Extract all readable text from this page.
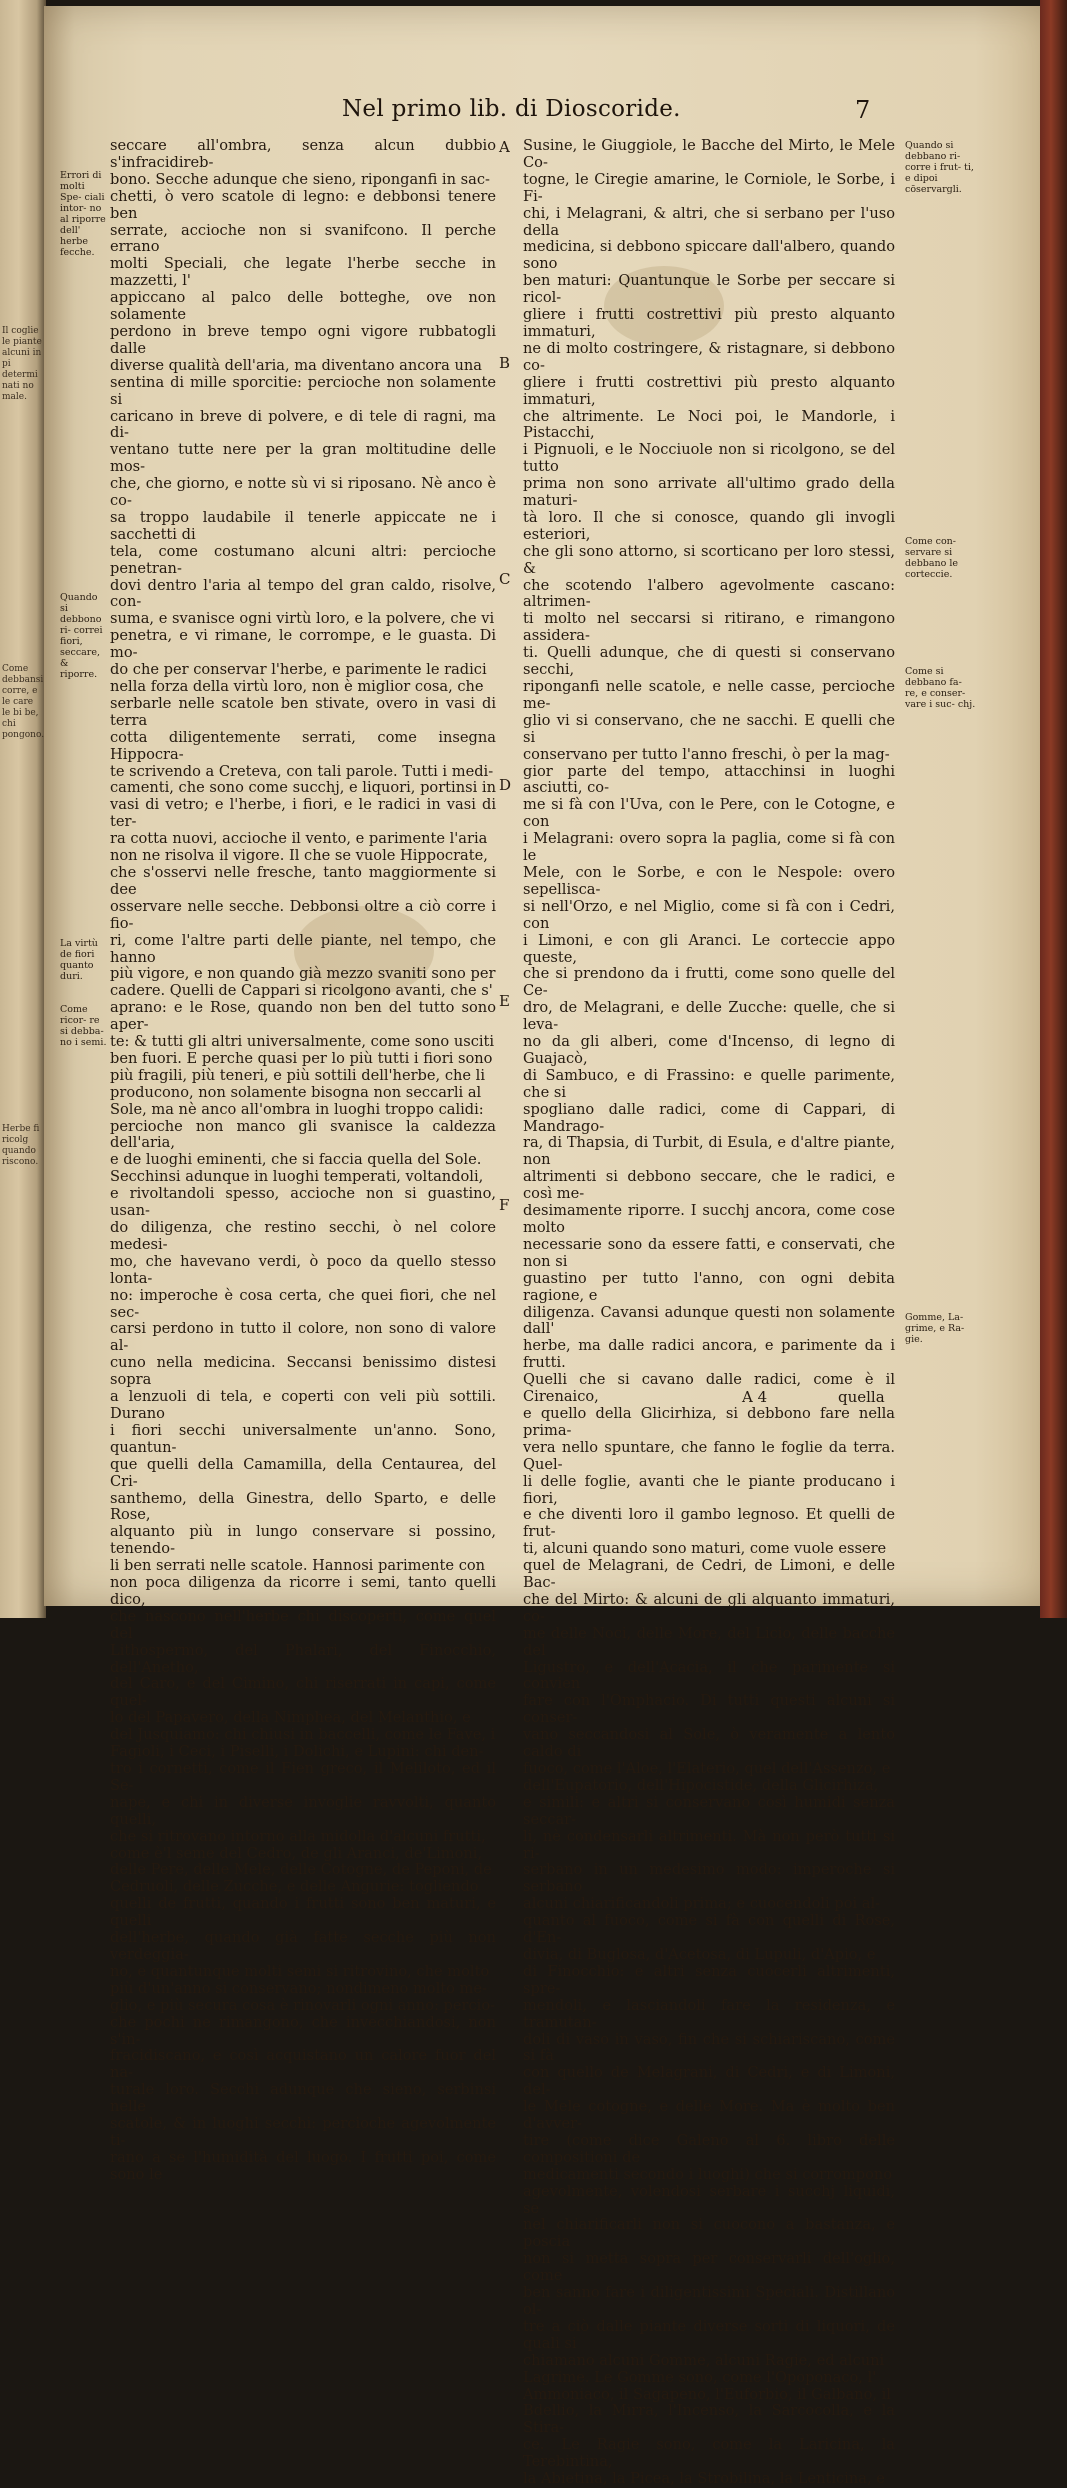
Il coglie le piante alcuni in pi determi nati no male.
Come debbansi corre, e le care le bi be, chi pongono.
Herbe fi ricolg quando riscono.
Nel primo lib. di Dioscoride.	7
Errori di molti Spe- ciali intor- no al riporre dell' herbe fecche.
Quando si debbono ri- correi fiori, seccare, & riporre.
La virtù de fiori quanto duri.
Come ricor- re si debba- no i semi.

seccare all'ombra, senza alcun dubbio s'infracidireb-
bono. Secche adunque che sieno, riponganfi in sac-
chetti, ò vero scatole di legno: e debbonsi tenere ben
serrate, accioche non si svanifcono. Il perche errano
molti Speciali, che legate l'herbe secche in mazzetti, l'
appiccano al palco delle botteghe, ove non solamente
perdono in breve tempo ogni vigore rubbatogli dalle
diverse qualità dell'aria, ma diventano ancora una
sentina di mille sporcitie: percioche non solamente si
caricano in breve di polvere, e di tele di ragni, ma di-
ventano tutte nere per la gran moltitudine delle mos-
che, che giorno, e notte sù vi si riposano. Nè anco è co-
sa troppo laudabile il tenerle appiccate ne i sacchetti di
tela, come costumano alcuni altri: percioche penetran-
dovi dentro l'aria al tempo del gran caldo, risolve, con-
suma, e svanisce ogni virtù loro, e la polvere, che vi
penetra, e vi rimane, le corrompe, e le guasta. Di mo-
do che per conservar l'herbe, e parimente le radici
nella forza della virtù loro, non è miglior cosa, che
serbarle nelle scatole ben stivate, overo in vasi di terra
cotta diligentemente serrati, come insegna Hippocra-
te scrivendo a Creteva, con tali parole. Tutti i medi-
camenti, che sono come succhj, e liquori, portinsi in
vasi di vetro; e l'herbe, i fiori, e le radici in vasi di ter-
ra cotta nuovi, accioche il vento, e parimente l'aria
non ne risolva il vigore. Il che se vuole Hippocrate,
che s'osservi nelle fresche, tanto maggiormente si dee
osservare nelle secche. Debbonsi oltre a ciò corre i fio-
ri, come l'altre parti delle piante, nel tempo, che hanno
più vigore, e non quando già mezzo svaniti sono per
cadere. Quelli de Cappari si ricolgono avanti, che s'
aprano: e le Rose, quando non ben del tutto sono aper-
te: & tutti gli altri universalmente, come sono usciti
ben fuori. E perche quasi per lo più tutti i fiori sono
più fragili, più teneri, e più sottili dell'herbe, che li
producono, non solamente bisogna non seccarli al
Sole, ma nè anco all'ombra in luoghi troppo calidi:
percioche non manco gli svanisce la caldezza dell'aria,
e de luoghi eminenti, che si faccia quella del Sole.
Secchinsi adunque in luoghi temperati, voltandoli,
e rivoltandoli spesso, accioche non si guastino, usan-
do diligenza, che restino secchi, ò nel colore medesi-
mo, che havevano verdi, ò poco da quello stesso lonta-
no: imperoche è cosa certa, che quei fiori, che nel sec-
carsi perdono in tutto il colore, non sono di valore al-
cuno nella medicina. Seccansi benissimo distesi sopra
a lenzuoli di tela, e coperti con veli più sottili. Durano
i fiori secchi universalmente un'anno. Sono, quantun-
que quelli della Camamilla, della Centaurea, del Cri-
santhemo, della Ginestra, dello Sparto, e delle Rose,
alquanto più in lungo conservare si possino, tenendo-
li ben serrati nelle scatole. Hannosi parimente con
non poca diligenza da ricorre i semi, tanto quelli dico,
che nascono nell'herbe chi discoperti, come quel del
Lithospermo, del Phalari, del Finocchio, dell'Anetho,
del Caro, e del Cimino, chi riserrati in capi, come quel-
lo del Papavero, della Nimphea, del Melanthio, e
del Jusquiamo: chi chiusi in baccelli, come le Fave, i
Fagioli, i Ceci, i Piselli, i Dolichi, e Lupini: chi den-
tro i cornetti, come il Fien greco, il Meliloto, ed il Se-
nape, e chi in diverse invoglie ravvolti, quanto quelli,
che si ritrovano intorno alla midolla d'alcuni frutti,
come è'l seme del Cedro, de gli Aranci, de'Limoni,
delle Pere, delle Mele, delle Cotogne, de Peponi, de
Cedruoli, delle Zucche, e delle Angurie: togliendo
quelli de frutti, quando i frutti sono ben maturi, e quelli
dell'herbe, quando già fatte secche più non verdeggia-
no, e quantunque molti semi si ritrovino, che molto
più d'un'anno si conservano; nondimeno molto me-
glio, e più secura cosa è rinovarli ogni anno: percio-
che pochi ne rimangono, che invecchiandosi, non s'in-
fracidiscano, e così acquistano un calore fuor del na-
turale loro. Secchi adunque che sieno, serbinsi nelle
scatole, & in luoghi secchi: percioche agevolmente ti-
rano a se l'humidità del luogo. I frutti poi, come sono le

A
B
C
D
E
F

Susine, le Giuggiole, le Bacche del Mirto, le Mele Co-
togne, le Ciregie amarine, le Corniole, le Sorbe, i Fi-
chi, i Melagrani, & altri, che si serbano per l'uso della
medicina, si debbono spiccare dall'albero, quando sono
ben maturi: Quantunque le Sorbe per seccare si ricol-
gliere i frutti costrettivi più presto alquanto immaturi,
ne di molto costringere, & ristagnare, si debbono co-
gliere i frutti costrettivi più presto alquanto immaturi,
che altrimente. Le Noci poi, le Mandorle, i Pistacchi,
i Pignuoli, e le Nocciuole non si ricolgono, se del tutto
prima non sono arrivate all'ultimo grado della maturi-
tà loro. Il che si conosce, quando gli invogli esteriori,
che gli sono attorno, si scorticano per loro stessi, &
che scotendo l'albero agevolmente cascano: altrimen-
ti molto nel seccarsi si ritirano, e rimangono assidera-
ti. Quelli adunque, che di questi si conservano secchi,
riponganfi nelle scatole, e nelle casse, percioche me-
glio vi si conservano, che ne sacchi. E quelli che si
conservano per tutto l'anno freschi, ò per la mag-
gior parte del tempo, attacchinsi in luoghi asciutti, co-
me si fà con l'Uva, con le Pere, con le Cotogne, e con
i Melagrani: overo sopra la paglia, come si fà con le
Mele, con le Sorbe, e con le Nespole: overo sepellisca-
si nell'Orzo, e nel Miglio, come si fà con i Cedri, con
i Limoni, e con gli Aranci. Le corteccie appo queste,
che si prendono da i frutti, come sono quelle del Ce-
dro, de Melagrani, e delle Zucche: quelle, che si leva-
no da gli alberi, come d'Incenso, di legno di Guajacò,
di Sambuco, e di Frassino: e quelle parimente, che si
spogliano dalle radici, come di Cappari, di Mandrago-
ra, di Thapsia, di Turbit, di Esula, e d'altre piante, non
altrimenti si debbono seccare, che le radici, e così me-
desimamente riporre. I succhj ancora, come cose molto
necessarie sono da essere fatti, e conservati, che non si
guastino per tutto l'anno, con ogni debita ragione, e
diligenza. Cavansi adunque questi non solamente dall'
herbe, ma dalle radici ancora, e parimente da i frutti.
Quelli che si cavano dalle radici, come è il Cirenaico,
e quello della Glicirhiza, si debbono fare nella prima-
vera nello spuntare, che fanno le foglie da terra. Quel-
li delle foglie, avanti che le piante producano i fiori,
e che diventi loro il gambo legnoso. Et quelli de frut-
ti, alcuni quando sono maturi, come vuole essere
quel de Melagrani, de Cedri, de Limoni, e delle Bac-
che del Mirto: & alcuni de gli alquanto immaturi, co-
me delle Noci, delle More, del Licio, delle bacche del
Ligustro, e dell'Acacia, il che parimente si convien
fare con l'Omphacio. Di tutti questi alcuni si conser-
vano seccandosi al Sole, ò veramente a lento caldo di
fuoco, come l'Aloe, l'Elaterio, quel dell'Assenzo, e
dell'Eupatorio, dell'Hipocistide, della Glicirhiza,
e simili: e altri si conservano così humidi senza seccar-
li, nè condensarli altrimenti. Mà non però tutti si ri-
serbano in un medesimo modo: imperoche si serbano
alcuni chiarificandoli prima; e cuocendoli poi al-
quanto al fuoco, come si fà con quelli di Rose, d'En-
divia, di Buglosa, d'Acetosa, di Lupuli, d'Apio, e
di Finocchio: e altri senza cuocerli altrimenti, spre-
mendoli, e lasciandoli fare la residenza, e tramutan-
doli di vaso in vaso, fin che si schiariscano, come si fà
con quello de Melagrani, di Cedri, e di Limoni, del-
le Mele cotogne, e delle More. Ma è molto ben d'avver-
tire (come dice Galeno al 6. libro delle compositioni de
medicamenti secondo i luoghi) che si corrompono
agevolmente, volendosi serbare i succhj liquidi, se
nel chiarificarli non si cuocono a bastanza, e poscia
non si metta sopra per conservarli dell'oglio, come
ben sanno fare i diligentissimi Speciali. Distillano ol-
tre a ciò dalle piante diverse sorti di liquori, de quali si
chiamano alcuni Gomme, alcuni Ragie, ed alcuni
Lagrime. Le Gomme sono, come l'Opoponaco, l'
Ammoniaco, il Sagapeno, l'Euforbio, il Galbano, il
Bdellio, la Mirra, l'Incenso, la Sarcocolla, e la Stira-
ce. Le Ragie sono, come la Laricina, la Terebintina,
la Abietina, la Picea, la Strobilina, la Lenticina, e

Quando si debbano ri- corre i frut- ti, e dipoi cōservargli.
Come con- servare si debbano le corteccie.
Come si debbano fa- re, e conser- vare i suc- chj.
Gomme, La- grime, e Ra- gie.
A 4	quella
